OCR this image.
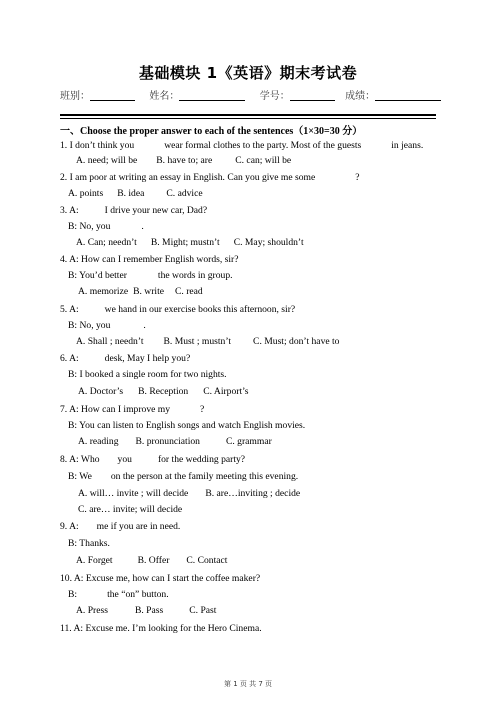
基础模块 1《英语》期末考试卷
班别：	姓名：	学号：	成绩：
一、Choose the proper answer to each of the sentences（1×30=30 分）
1. I don’t think you	wear formal clothes to the party. Most of the guests	in jeans.
A. need; will be B. have to; are C. can; will be
2. I am poor at writing an essay in English. Can you give me some	?
A. points B. idea C. advice
3. A:	I drive your new car, Dad?
B: No, you	.
A. Can; needn’t B. Might; mustn’t C. May; shouldn’t
4. A: How can I remember English words, sir?
B: You’d better	the words in group.
A. memorize B. write C. read
5. A:	we hand in our exercise books this afternoon, sir?
B: No, you	.
A. Shall ; needn’t B. Must ; mustn’t C. Must; don’t have to
6. A:	desk, May I help you?
B: I booked a single room for two nights.
A. Doctor’s B. Reception C. Airport’s
7. A: How can I improve my	?
B: You can listen to English songs and watch English movies.
A. reading B. pronunciation	C. grammar
8. A: Who you	for the wedding party?
B: We on the person at the family meeting this evening.
A. will… invite ; will decide B. are…inviting ; decide
C. are… invite; will decide
9. A: me if you are in need.
B: Thanks.
A. Forget	B. Offer C. Contact
10. A: Excuse me, how can I start the coffee maker?
B:	the “on” button.
A. Press	B. Pass	C. Past
11. A: Excuse me. I’m looking for the Hero Cinema.
第 1 页 共 7 页
